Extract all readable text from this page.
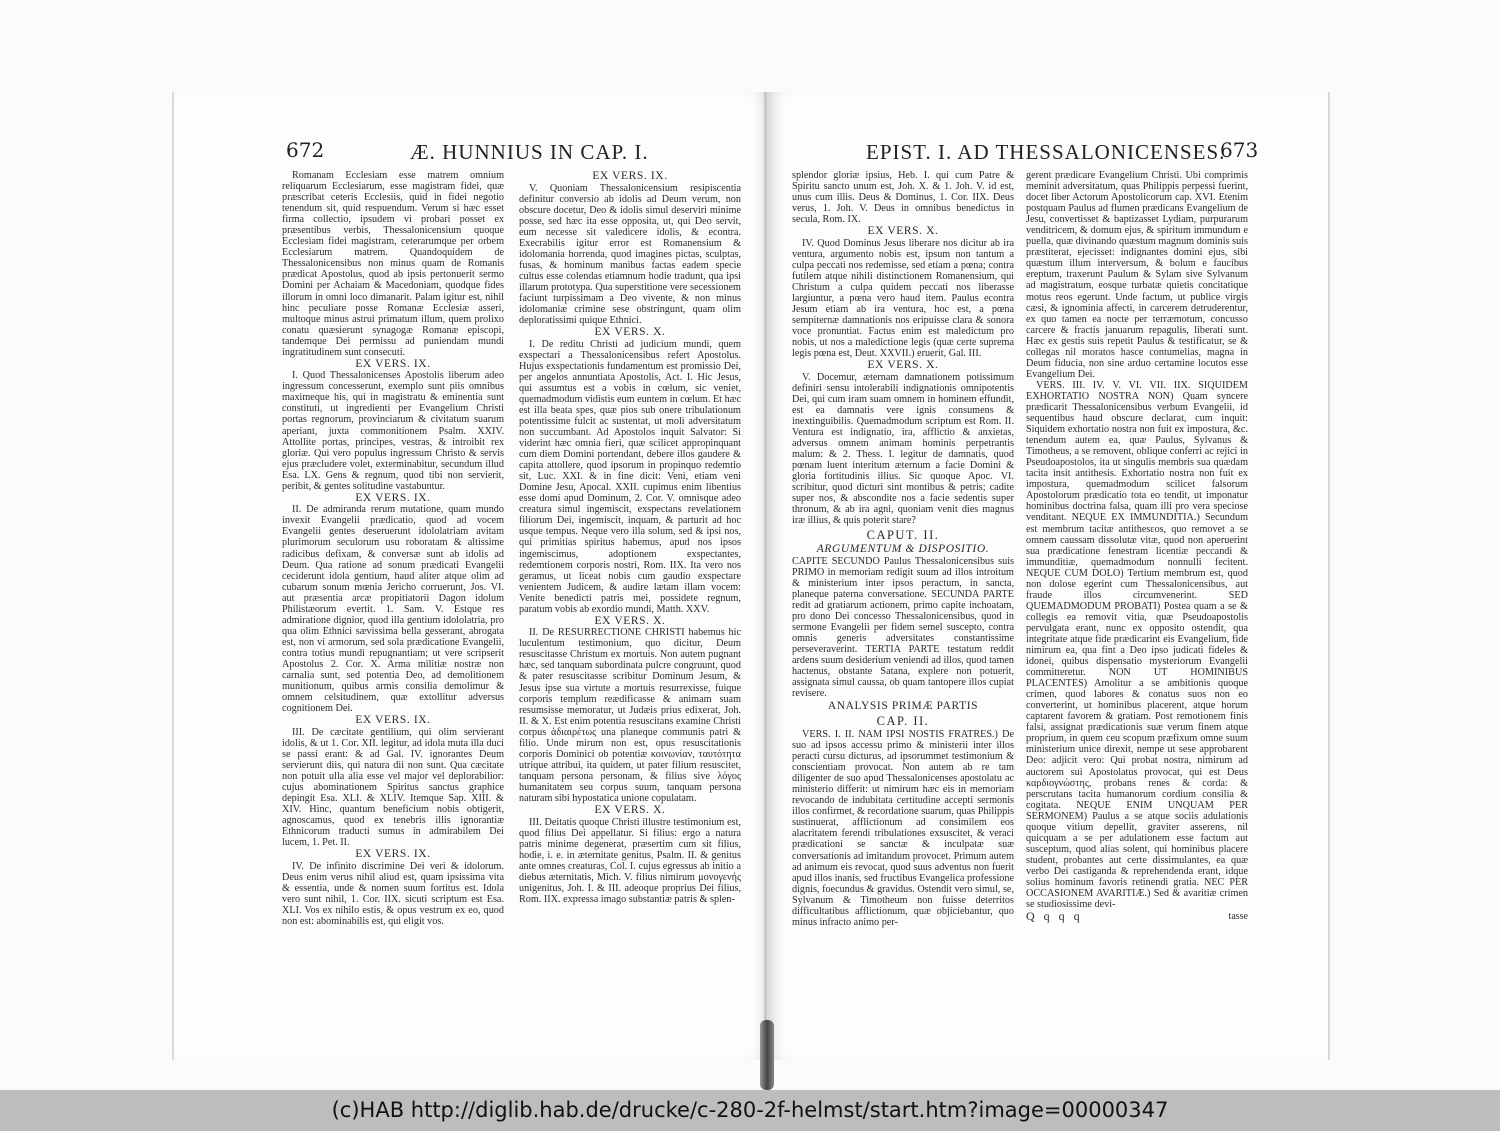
672	Æ. HUNNIUS IN CAP. I.

Romanam Ecclesiam esse matrem omnium reliquarum Ecclesiarum, esse magistram fidei, quæ præscribat ceteris Ecclesiis, quid in fidei negotio tenendum sit, quid respuendum. Verum si hæc esset firma collectio, ipsudem vi probari posset ex præsentibus verbis, Thessalonicensium quoque Ecclesiam fidei magistram, ceterarumque per orbem Ecclesiarum matrem. Quandoquidem de Thessalonicensibus non minus quam de Romanis prædicat Apostolus, quod ab ipsis pertonuerit sermo Domini per Achaiam & Macedoniam, quodque fides illorum in omni loco dimanarit. Palam igitur est, nihil hinc peculiare posse Romanæ Ecclesiæ asseri, multoque minus astrui primatum illum, quem prolixo conatu quæsierunt synagogæ Romanæ episcopi, tandemque Dei permissu ad puniendam mundi ingratitudinem sunt consecuti.

EX VERS. IX.

I. Quod Thessalonicenses Apostolis liberum adeo ingressum concesserunt, exemplo sunt piis omnibus maximeque his, qui in magistratu & eminentia sunt constituti, ut ingredienti per Evangelium Christi portas regnorum, provinciarum & civitatum suarum aperiant, juxta commonitionem Psalm. XXIV. Attollite portas, principes, vestras, & introibit rex gloriæ. Qui vero populus ingressum Christo & servis ejus præcludere volet, exterminabitur, secundum illud Esa. LX. Gens & regnum, quod tibi non servierit, peribit, & gentes solitudine vastabuntur.

EX VERS. IX.

II. De admiranda rerum mutatione, quam mundo invexit Evangelii prædicatio, quod ad vocem Evangelii gentes deseruerunt idololatriam avitam plurimorum seculorum usu roboratam & altissime radicibus defixam, & conversæ sunt ab idolis ad Deum. Qua ratione ad sonum prædicati Evangelii ceciderunt idola gentium, haud aliter atque olim ad cubarum sonum mœnia Jericho corruerunt, Jos. VI. aut præsentia arcæ propitiatorii Dagon idolum Philistæorum evertit. 1. Sam. V. Estque res admiratione dignior, quod illa gentium idololatria, pro qua olim Ethnici sævissima bella gesserant, abrogata est, non vi armorum, sed sola prædicatione Evangelii, contra totius mundi repugnantiam; ut vere scripserit Apostolus 2. Cor. X. Arma militiæ nostræ non carnalia sunt, sed potentia Deo, ad demolitionem munitionum, quibus armis consilia demolimur & omnem celsitudinem, quæ extollitur adversus cognitionem Dei.

EX VERS. IX.

III. De cæcitate gentilium, qui olim servierant idolis, & ut 1. Cor. XII. legitur, ad idola muta illa duci se passi erant: & ad Gal. IV. ignorantes Deum servierunt diis, qui natura dii non sunt. Qua cæcitate non potuit ulla alia esse vel major vel deplorabilior: cujus abominationem Spiritus sanctus graphice depingit Esa. XLI. & XLIV. Itemque Sap. XIII. & XIV. Hinc, quantum beneficium nobis obtigerit, agnoscamus, quod ex tenebris illis ignorantiæ Ethnicorum traducti sumus in admirabilem Dei lucem, 1. Pet. II.

EX VERS. IX.

IV. De infinito discrimine Dei veri & idolorum. Deus enim verus nihil aliud est, quam ipsissima vita & essentia, unde & nomen suum fortitus est. Idola vero sunt nihil, 1. Cor. IIX. sicuti scriptum est Esa. XLI. Vos ex nihilo estis, & opus vestrum ex eo, quod non est: abominabilis est, qui eligit vos.

EX VERS. IX.

V. Quoniam Thessalonicensium resipiscentia definitur conversio ab idolis ad Deum verum, non obscure docetur, Deo & idolis simul deserviri minime posse, sed hæc ita esse opposita, ut, qui Deo servit, eum necesse sit valedicere idolis, & econtra. Execrabilis igitur error est Romanensium & idolomania horrenda, quod imagines pictas, sculptas, fusas, & hominum manibus factas eadem specie cultus esse colendas etiamnum hodie tradunt, qua ipsi illarum prototypa. Qua superstitione vere secessionem faciunt turpissimam a Deo vivente, & non minus idolomaniæ crimine sese obstringunt, quam olim deploratissimi quique Ethnici.

EX VERS. X.

I. De reditu Christi ad judicium mundi, quem exspectari a Thessalonicensibus refert Apostolus. Hujus exspectationis fundamentum est promissio Dei, per angelos annuntiata Apostolis, Act. I. Hic Jesus, qui assumtus est a vobis in cœlum, sic veniet, quemadmodum vidistis eum euntem in cœlum. Et hæc est illa beata spes, quæ pios sub onere tribulationum potentissime fulcit ac sustentat, ut moli adversitatum non succumbant. Ad Apostolos inquit Salvator: Si viderint hæc omnia fieri, quæ scilicet appropinquant cum diem Domini portendant, debere illos gaudere & capita attollere, quod ipsorum in propinquo redemtio sit, Luc. XXI. & in fine dicit: Veni, etiam veni Domine Jesu, Apocal. XXII. cupimus enim libentius esse domi apud Dominum, 2. Cor. V. omnisque adeo creatura simul ingemiscit, exspectans revelationem filiorum Dei, ingemiscit, inquam, & parturit ad hoc usque tempus. Neque vero illa solum, sed & ipsi nos, qui primitias spiritus habemus, apud nos ipsos ingemiscimus, adoptionem exspectantes, redemtionem corporis nostri, Rom. IIX. Ita vero nos geramus, ut liceat nobis cum gaudio exspectare venientem Judicem, & audire lætam illam vocem: Venite benedicti patris mei, possidete regnum, paratum vobis ab exordio mundi, Matth. XXV.

EX VERS. X.

II. De RESURRECTIONE CHRISTI habemus hic luculentum testimonium, quo dicitur, Deum resuscitasse Christum ex mortuis. Non autem pugnant hæc, sed tanquam subordinata pulcre congruunt, quod & pater resuscitasse scribitur Dominum Jesum, & Jesus ipse sua virtute a mortuis resurrexisse, fuique corporis templum reædificasse & animam suam resumsisse memoratur, ut Judæis prius edixerat, Joh. II. & X. Est enim potentia resuscitans examine Christi corpus ἀδιαιρέτως una planeque communis patri & filio. Unde mirum non est, opus resuscitationis corporis Dominici ob potentiæ κοινωνίαν, ταυτότητα utrique attribui, ita quidem, ut pater filium resuscitet, tanquam persona personam, & filius sive λόγος humanitatem seu corpus suum, tanquam persona naturam sibi hypostatica unione copulatam.

EX VERS. X.

III. Deitatis quoque Christi illustre testimonium est, quod filius Dei appellatur. Si filius: ergo a natura patris minime degenerat, præsertim cum sit filius, hodie, i. e. in æternitate genitus, Psalm. II. & genitus ante omnes creaturas, Col. I. cujus egressus ab initio a diebus æternitatis, Mich. V. filius nimirum μονογενής unigenitus, Joh. I. & III. adeoque proprius Dei filius, Rom. IIX. expressa imago substantiæ patris & splen-

EPIST. I. AD THESSALONICENSES.
673

splendor gloriæ ipsius, Heb. I. qui cum Patre & Spiritu sancto unum est, Joh. X. & 1. Joh. V. id est, unus cum illis. Deus & Dominus, 1. Cor. IIX. Deus verus, 1. Joh. V. Deus in omnibus benedictus in secula, Rom. IX.

EX VERS. X.

IV. Quod Dominus Jesus liberare nos dicitur ab ira ventura, argumento nobis est, ipsum non tantum a culpa peccati nos redemisse, sed etiam a pœna; contra futilem atque nihili distinctionem Romanensium, qui Christum a culpa quidem peccati nos liberasse largiuntur, a pœna vero haud item. Paulus econtra Jesum etiam ab ira ventura, hoc est, a pœna sempiternæ damnationis nos eripuisse clara & sonora voce pronuntiat. Factus enim est maledictum pro nobis, ut nos a maledictione legis (quæ certe suprema legis pœna est, Deut. XXVII.) eruerit, Gal. III.

EX VERS. X.

V. Docemur, æternam damnationem potissimum definiri sensu intolerabili indignationis omnipotentis Dei, qui cum iram suam omnem in hominem effundit, est ea damnatis vere ignis consumens & inextinguibilis. Quemadmodum scriptum est Rom. II. Ventura est indignatio, ira, afflictio & anxietas, adversus omnem animam hominis perpetrantis malum: & 2. Thess. I. legitur de damnatis, quod pœnam luent interitum æternum a facie Domini & gloria fortitudinis illius. Sic quoque Apoc. VI. scribitur, quod dicturi sint montibus & petris; cadite super nos, & abscondite nos a facie sedentis super thronum, & ab ira agni, quoniam venit dies magnus iræ illius, & quis poterit stare?

CAPUT. II.
ARGUMENTUM & DISPOSITIO.

CAPITE SECUNDO Paulus Thessalonicensibus suis PRIMO in memoriam redigit suum ad illos introitum & ministerium inter ipsos peractum, in sancta, planeque paterna conversatione. SECUNDA PARTE redit ad gratiarum actionem, primo capite inchoatam, pro dono Dei concesso Thessalonicensibus, quod in sermone Evangelii per fidem semel suscepto, contra omnis generis adversitates constantissime perseveraverint. TERTIA PARTE testatum reddit ardens suum desiderium veniendi ad illos, quod tamen hactenus, obstante Satana, explere non potuerit, assignata simul caussa, ob quam tantopere illos cupiat revisere.

ANALYSIS PRIMÆ PARTIS
CAP. II.

VERS. I. II. NAM IPSI NOSTIS FRATRES.) De suo ad ipsos accessu primo & ministerii inter illos peracti cursu dicturus, ad ipsorummet testimonium & conscientiam provocat. Non autem ab re tam diligenter de suo apud Thessalonicenses apostolatu ac ministerio differit: ut nimirum hæc eis in memoriam revocando de indubitata certitudine accepti sermonis illos confirmet, & recordatione suarum, quas Philippis sustinuerat, afflictionum ad consimilem eos alacritatem ferendi tribulationes exsuscitet, & veraci prædicationi se sanctæ & inculpatæ suæ conversationis ad imitandum provocet. Primum autem ad animum eis revocat, quod suus adventus non fuerit apud illos inanis, sed fructibus Evangelica professione dignis, foecundus & gravidus. Ostendit vero simul, se, Sylvanum & Timotheum non fuisse deterritos difficultatibus afflictionum, quæ objiciebantur, quo minus infracto animo per-

gerent prædicare Evangelium Christi. Ubi comprimis meminit adversitatum, quas Philippis perpessi fuerint, docet liber Actorum Apostolicorum cap. XVI. Etenim postquam Paulus ad flumen prædicans Evangelium de Jesu, convertisset & baptizasset Lydiam, purpurarum venditricem, & domum ejus, & spiritum immundum e puella, quæ divinando quæstum magnum dominis suis præstiterat, ejecisset: indignantes domini ejus, sibi quæstum illum interversum, & bolum e faucibus ereptum, traxerunt Paulum & Sylam sive Sylvanum ad magistratum, eosque turbatæ quietis concitatique motus reos egerunt. Unde factum, ut publice virgis cæsi, & ignominia affecti, in carcerem detruderentur, ex quo tamen ea nocte per terræmotum, concusso carcere & fractis januarum repagulis, liberati sunt. Hæc ex gestis suis repetit Paulus & testificatur, se & collegas nil moratos hasce contumelias, magna in Deum fiducia, non sine arduo certamine locutos esse Evangelium Dei.

VERS. III. IV. V. VI. VII. IIX. SIQUIDEM EXHORTATIO NOSTRA NON) Quam syncere prædicarit Thessalonicensibus verbum Evangelii, id sequentibus haud obscure declarat, cum inquit: Siquidem exhortatio nostra non fuit ex impostura, &c. tenendum autem ea, quæ Paulus, Sylvanus & Timotheus, a se removent, oblique conferri ac rejici in Pseudoapostolos, ita ut singulis membris sua quædam tacita insit antithesis. Exhortatio nostra non fuit ex impostura, quemadmodum scilicet falsorum Apostolorum prædicatio tota eo tendit, ut imponatur hominibus doctrina falsa, quam illi pro vera speciose venditant. NEQUE EX IMMUNDITIA.) Secundum est membrum tacitæ antithesεos, quo removet a se omnem caussam dissolutæ vitæ, quod non aperuerint sua prædicatione fenestram licentiæ peccandi & immunditiæ, quemadmodum nonnulli fecitent. NEQUE CUM DOLO) Tertium membrum est, quod non dolose egerint cum Thessalonicensibus, aut fraude illos circumvenerint. SED QUEMADMODUM PROBATI) Postea quam a se & collegis ea removit vitia, quæ Pseudoapostolis pervulgata erant, nunc ex opposito ostendit, qua integritate atque fide prædicarint eis Evangelium, fide nimirum ea, qua fint a Deo ipso judicati fideles & idonei, quibus dispensatio mysteriorum Evangelii committeretur. NON UT HOMINIBUS PLACENTES) Amolitur a se ambitionis quoque crimen, quod labores & conatus suos non eo converterint, ut hominibus placerent, atque horum captarent favorem & gratiam. Post remotionem finis falsi, assignat prædicationis suæ verum finem atque proprium, in quem ceu scopum præfixum omne suum ministerium unice direxit, nempe ut sese approbarent Deo: adjicit vero: Qui probat nostra, nimirum ad auctorem sui Apostolatus provocat, qui est Deus καρδιογνώστης, probans renes & corda: & perscrutans tacita humanorum cordium consilia & cogitata. NEQUE ENIM UNQUAM PER SERMONEM) Paulus a se atque sociis adulationis quoque vitium depellit, graviter asserens, nil quicquam a se per adulationem esse factum aut susceptum, quod alias solent, qui hominibus placere student, probantes aut certe dissimulantes, ea quæ verbo Dei castiganda & reprehendenda erant, idque solius hominum favoris retinendi gratia. NEC PER OCCASIONEM AVARITIÆ.) Sed & avaritiæ crimen se studiosissime devi-

Q q q q	tasse
(c)HAB http://diglib.hab.de/drucke/c-280-2f-helmst/start.htm?image=00000347
